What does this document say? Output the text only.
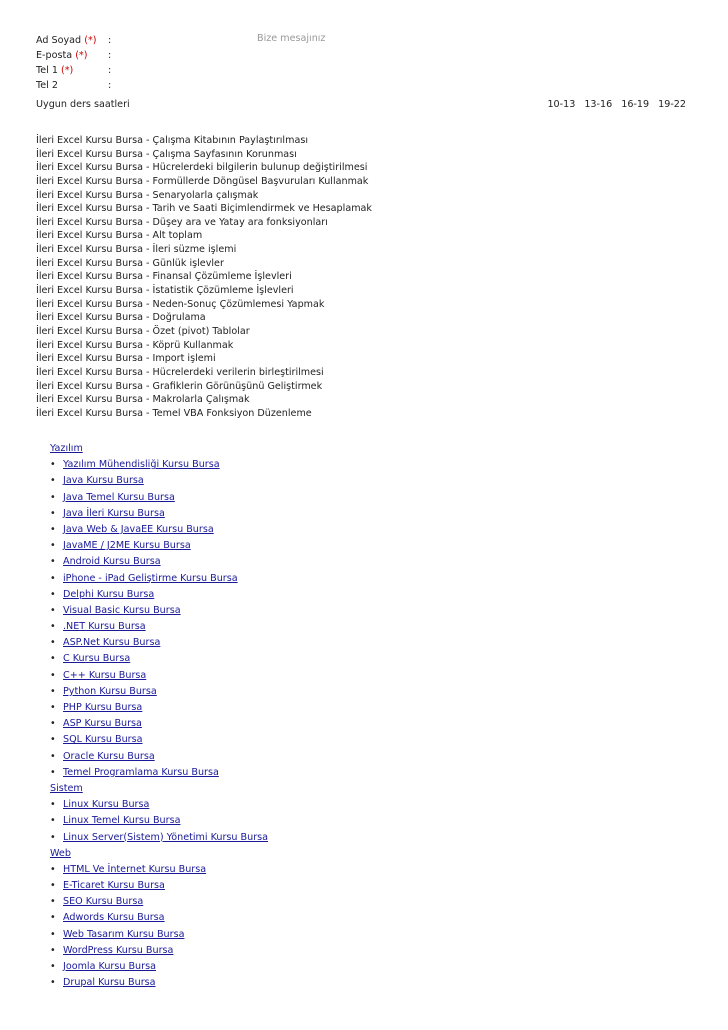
Ad Soyad (*) :
E-posta (*) :
Tel 1 (*)	:
Tel 2	:
Bize mesajınız
Uygun ders saatleri	10-13 13-16 16-19 19-22
İleri Excel Kursu Bursa - Çalışma Kitabının Paylaştırılması
İleri Excel Kursu Bursa - Çalışma Sayfasının Korunması
İleri Excel Kursu Bursa - Hücrelerdeki bilgilerin bulunup değiştirilmesi
İleri Excel Kursu Bursa - Formüllerde Döngüsel Başvuruları Kullanmak
İleri Excel Kursu Bursa - Senaryolarla çalışmak
İleri Excel Kursu Bursa - Tarih ve Saati Biçimlendirmek ve Hesaplamak
İleri Excel Kursu Bursa - Düşey ara ve Yatay ara fonksiyonları
İleri Excel Kursu Bursa - Alt toplam
İleri Excel Kursu Bursa - İleri süzme işlemi
İleri Excel Kursu Bursa - Günlük işlevler
İleri Excel Kursu Bursa - Finansal Çözümleme İşlevleri
İleri Excel Kursu Bursa - İstatistik Çözümleme İşlevleri
İleri Excel Kursu Bursa - Neden-Sonuç Çözümlemesi Yapmak
İleri Excel Kursu Bursa - Doğrulama
İleri Excel Kursu Bursa - Özet (pivot) Tablolar
İleri Excel Kursu Bursa - Köprü Kullanmak
İleri Excel Kursu Bursa - Import işlemi
İleri Excel Kursu Bursa - Hücrelerdeki verilerin birleştirilmesi
İleri Excel Kursu Bursa - Grafiklerin Görünüşünü Geliştirmek
İleri Excel Kursu Bursa - Makrolarla Çalışmak
İleri Excel Kursu Bursa - Temel VBA Fonksiyon Düzenleme
Yazılım
• Yazılım Mühendisliği Kursu Bursa
• Java Kursu Bursa
• Java Temel Kursu Bursa
• Java İleri Kursu Bursa
• Java Web & JavaEE Kursu Bursa
• JavaME / J2ME Kursu Bursa
• Android Kursu Bursa
• iPhone - iPad Geliştirme Kursu Bursa
• Delphi Kursu Bursa
• Visual Basic Kursu Bursa
• .NET Kursu Bursa
• ASP.Net Kursu Bursa
• C Kursu Bursa
• C++ Kursu Bursa
• Python Kursu Bursa
• PHP Kursu Bursa
• ASP Kursu Bursa
• SQL Kursu Bursa
• Oracle Kursu Bursa
• Temel Programlama Kursu Bursa
Sistem
• Linux Kursu Bursa
• Linux Temel Kursu Bursa
• Linux Server(Sistem) Yönetimi Kursu Bursa
Web
• HTML Ve İnternet Kursu Bursa
• E-Ticaret Kursu Bursa
• SEO Kursu Bursa
• Adwords Kursu Bursa
• Web Tasarım Kursu Bursa
• WordPress Kursu Bursa
• Joomla Kursu Bursa
• Drupal Kursu Bursa
